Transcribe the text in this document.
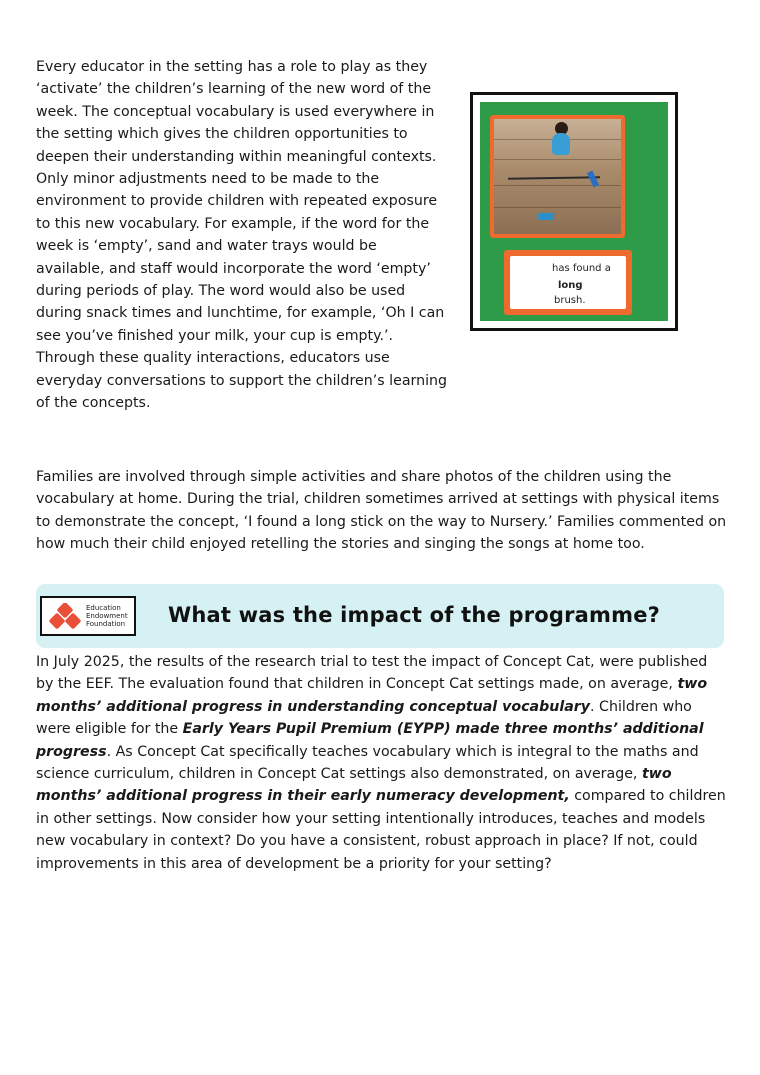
Every educator in the setting has a role to play as they ‘activate’ the children’s learning of the new word of the week. The conceptual vocabulary is used everywhere in the setting which gives the children opportunities to deepen their understanding within meaningful contexts. Only minor adjustments need to be made to the environment to provide children with repeated exposure to this new vocabulary. For example, if the word for the week is ‘empty’, sand and water trays would be available, and staff would incorporate the word ‘empty’ during periods of play. The word would also be used during snack times and lunchtime, for example, ‘Oh I can see you’ve finished your milk, your cup is empty.’. Through these quality interactions, educators use everyday conversations to support the children’s learning of the concepts.

has found a
long
brush.

Families are involved through simple activities and share photos of the children using the vocabulary at home. During the trial, children sometimes arrived at settings with physical items to demonstrate the concept, ‘I found a long stick on the way to Nursery.’ Families commented on how much their child enjoyed retelling the stories and singing the songs at home too.

Education
Endowment
Foundation What was the impact of the programme?

In July 2025, the results of the research trial to test the impact of Concept Cat, were published by the EEF. The evaluation found that children in Concept Cat settings made, on average, two months’ additional progress in understanding conceptual vocabulary. Children who were eligible for the Early Years Pupil Premium (EYPP) made three months’ additional progress. As Concept Cat specifically teaches vocabulary which is integral to the maths and science curriculum, children in Concept Cat settings also demonstrated, on average, two months’ additional progress in their early numeracy development, compared to children in other settings. Now consider how your setting intentionally introduces, teaches and models new vocabulary in context? Do you have a consistent, robust approach in place? If not, could improvements in this area of development be a priority for your setting?
